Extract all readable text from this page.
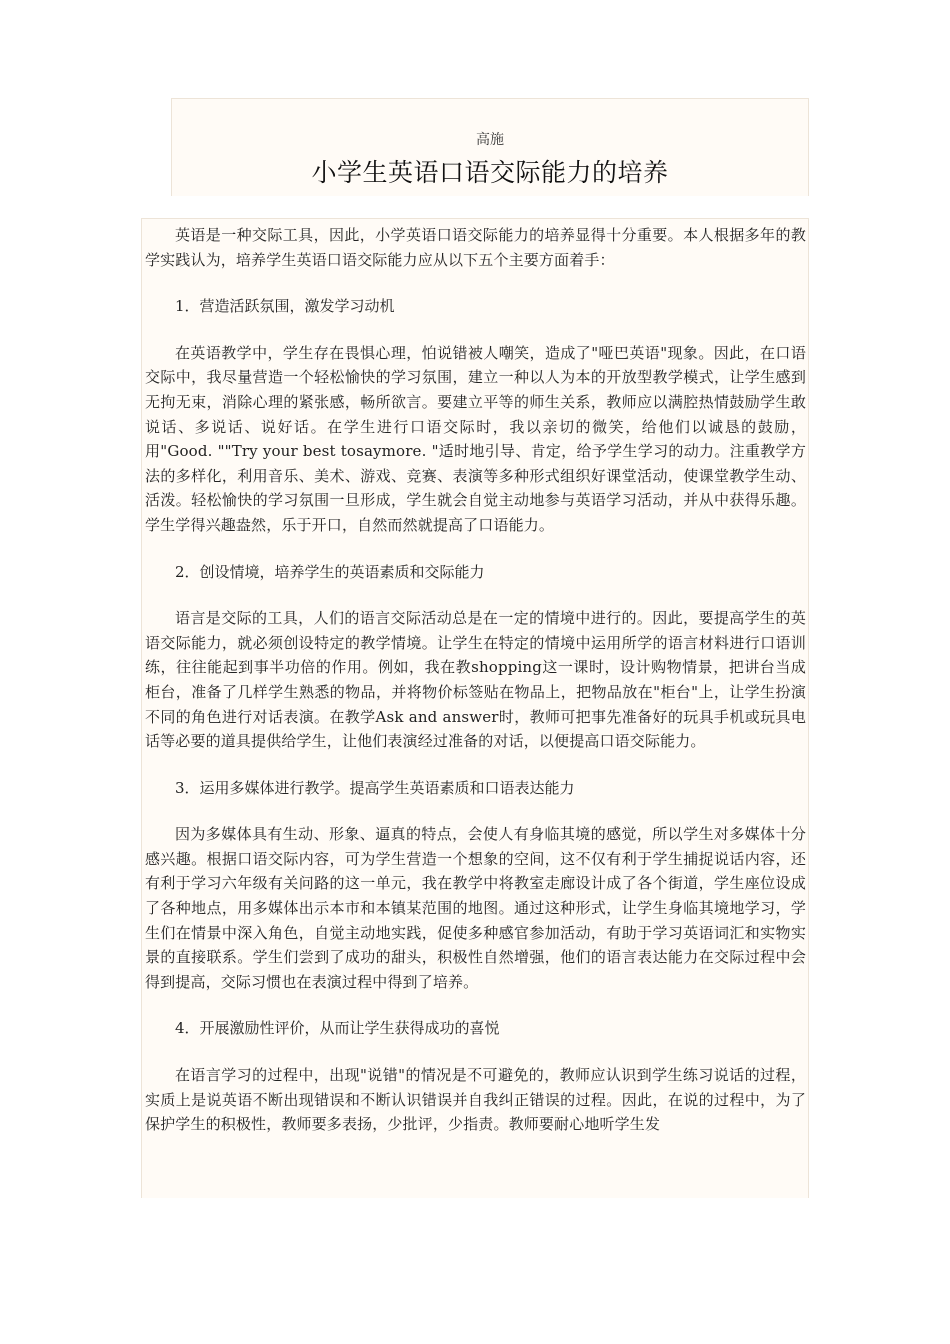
高施
小学生英语口语交际能力的培养

英语是一种交际工具，因此，小学英语口语交际能力的培养显得十分重要。本人根据多年的教学实践认为，培养学生英语口语交际能力应从以下五个主要方面着手：

1．营造活跃氛围，激发学习动机

在英语教学中，学生存在畏惧心理，怕说错被人嘲笑，造成了"哑巴英语"现象。因此，在口语交际中，我尽量营造一个轻松愉快的学习氛围，建立一种以人为本的开放型教学模式，让学生感到无拘无束，消除心理的紧张感，畅所欲言。要建立平等的师生关系，教师应以满腔热情鼓励学生敢说话、多说话、说好话。在学生进行口语交际时，我以亲切的微笑，给他们以诚恳的鼓励，用"Good. ""Try your best tosaymore. "适时地引导、肯定，给予学生学习的动力。注重教学方法的多样化，利用音乐、美术、游戏、竞赛、表演等多种形式组织好课堂活动，使课堂教学生动、活泼。轻松愉快的学习氛围一旦形成，学生就会自觉主动地参与英语学习活动，并从中获得乐趣。学生学得兴趣盎然，乐于开口，自然而然就提高了口语能力。

2．创设情境，培养学生的英语素质和交际能力

语言是交际的工具，人们的语言交际活动总是在一定的情境中进行的。因此，要提高学生的英语交际能力，就必须创设特定的教学情境。让学生在特定的情境中运用所学的语言材料进行口语训练，往往能起到事半功倍的作用。例如，我在教shopping这一课时，设计购物情景，把讲台当成柜台，准备了几样学生熟悉的物品，并将物价标签贴在物品上，把物品放在"柜台"上，让学生扮演不同的角色进行对话表演。在教学Ask and answer时，教师可把事先准备好的玩具手机或玩具电话等必要的道具提供给学生，让他们表演经过准备的对话，以便提高口语交际能力。

3．运用多媒体进行教学。提高学生英语素质和口语表达能力

因为多媒体具有生动、形象、逼真的特点，会使人有身临其境的感觉，所以学生对多媒体十分感兴趣。根据口语交际内容，可为学生营造一个想象的空间，这不仅有利于学生捕捉说话内容，还有利于学习六年级有关问路的这一单元，我在教学中将教室走廊设计成了各个街道，学生座位设成了各种地点，用多媒体出示本市和本镇某范围的地图。通过这种形式，让学生身临其境地学习，学生们在情景中深入角色，自觉主动地实践，促使多种感官参加活动，有助于学习英语词汇和实物实景的直接联系。学生们尝到了成功的甜头，积极性自然增强，他们的语言表达能力在交际过程中会得到提高，交际习惯也在表演过程中得到了培养。

4．开展激励性评价，从而让学生获得成功的喜悦

在语言学习的过程中，出现"说错"的情况是不可避免的，教师应认识到学生练习说话的过程，实质上是说英语不断出现错误和不断认识错误并自我纠正错误的过程。因此，在说的过程中，为了保护学生的积极性，教师要多表扬，少批评，少指责。教师要耐心地听学生发
